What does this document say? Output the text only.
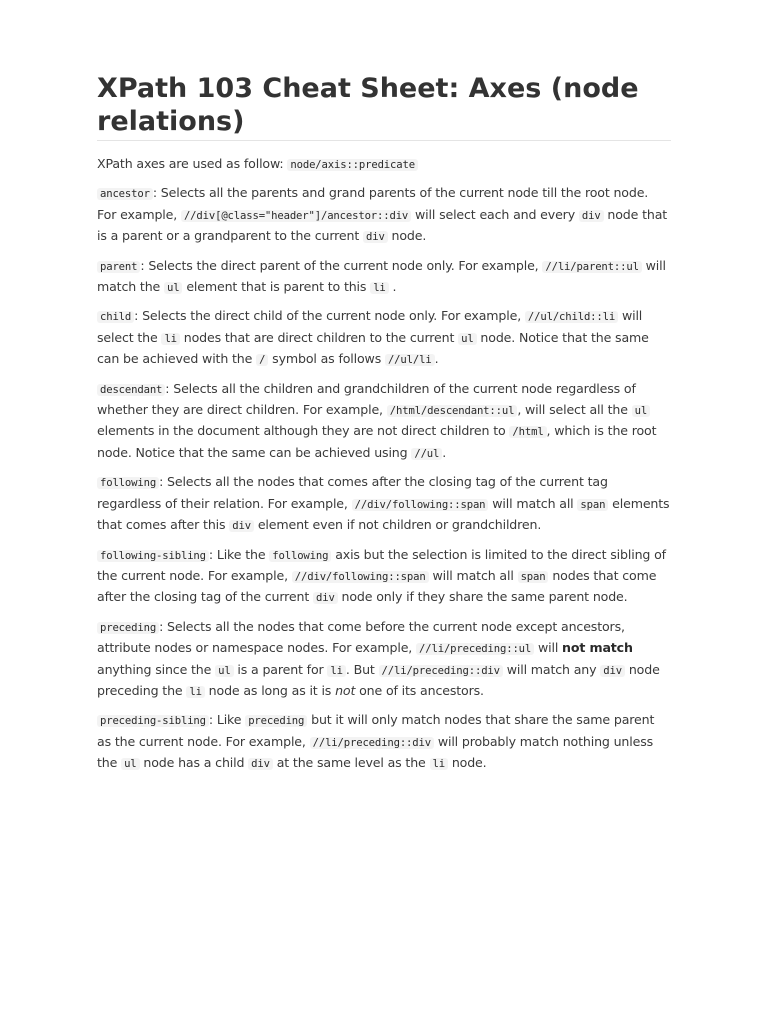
XPath 103 Cheat Sheet: Axes (node relations)

XPath axes are used as follow: node/axis::predicate

ancestor : Selects all the parents and grand parents of the current node till the root node. For example, //div[@class="header"]/ancestor::div will select each and every div node that is a parent or a grandparent to the current div node.

parent : Selects the direct parent of the current node only. For example, //li/parent::ul will match the ul element that is parent to this li .

child : Selects the direct child of the current node only. For example, //ul/child::li will select the li nodes that are direct children to the current ul node. Notice that the same can be achieved with the / symbol as follows //ul/li .

descendant : Selects all the children and grandchildren of the current node regardless of whether they are direct children. For example, /html/descendant::ul , will select all the ul elements in the document although they are not direct children to /html , which is the root node. Notice that the same can be achieved using //ul .

following : Selects all the nodes that comes after the closing tag of the current tag regardless of their relation. For example, //div/following::span will match all span elements that comes after this div element even if not children or grandchildren.

following-sibling : Like the following axis but the selection is limited to the direct sibling of the current node. For example, //div/following::span will match all span nodes that come after the closing tag of the current div node only if they share the same parent node.

preceding : Selects all the nodes that come before the current node except ancestors, attribute nodes or namespace nodes. For example, //li/preceding::ul will not match anything since the ul is a parent for li . But //li/preceding::div will match any div node preceding the li node as long as it is not one of its ancestors.

preceding-sibling : Like preceding but it will only match nodes that share the same parent as the current node. For example, //li/preceding::div will probably match nothing unless the ul node has a child div at the same level as the li node.
